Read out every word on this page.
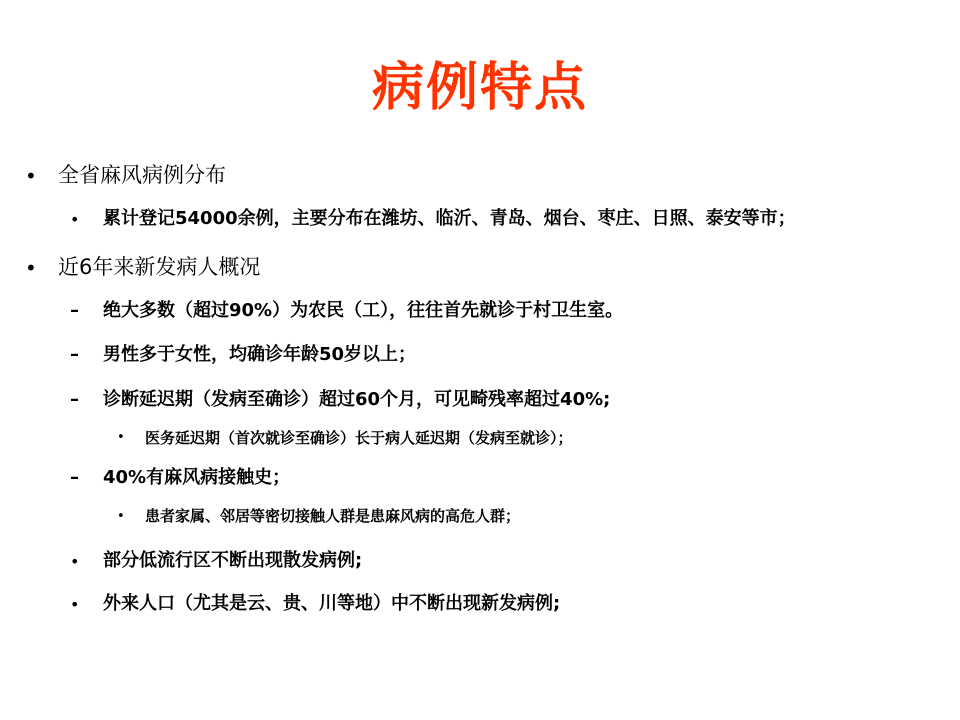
病例特点
• 全省麻风病例分布
• 累计登记54000余例，主要分布在潍坊、临沂、青岛、烟台、枣庄、日照、泰安等市；
• 近6年来新发病人概况
– 绝大多数（超过90%）为农民（工），往往首先就诊于村卫生室。
– 男性多于女性，均确诊年龄50岁以上；
– 诊断延迟期（发病至确诊）超过60个月，可见畸残率超过40%;
• 医务延迟期（首次就诊至确诊）长于病人延迟期（发病至就诊）；
– 40%有麻风病接触史；
• 患者家属、邻居等密切接触人群是患麻风病的高危人群；
• 部分低流行区不断出现散发病例;
• 外来人口（尤其是云、贵、川等地）中不断出现新发病例;
